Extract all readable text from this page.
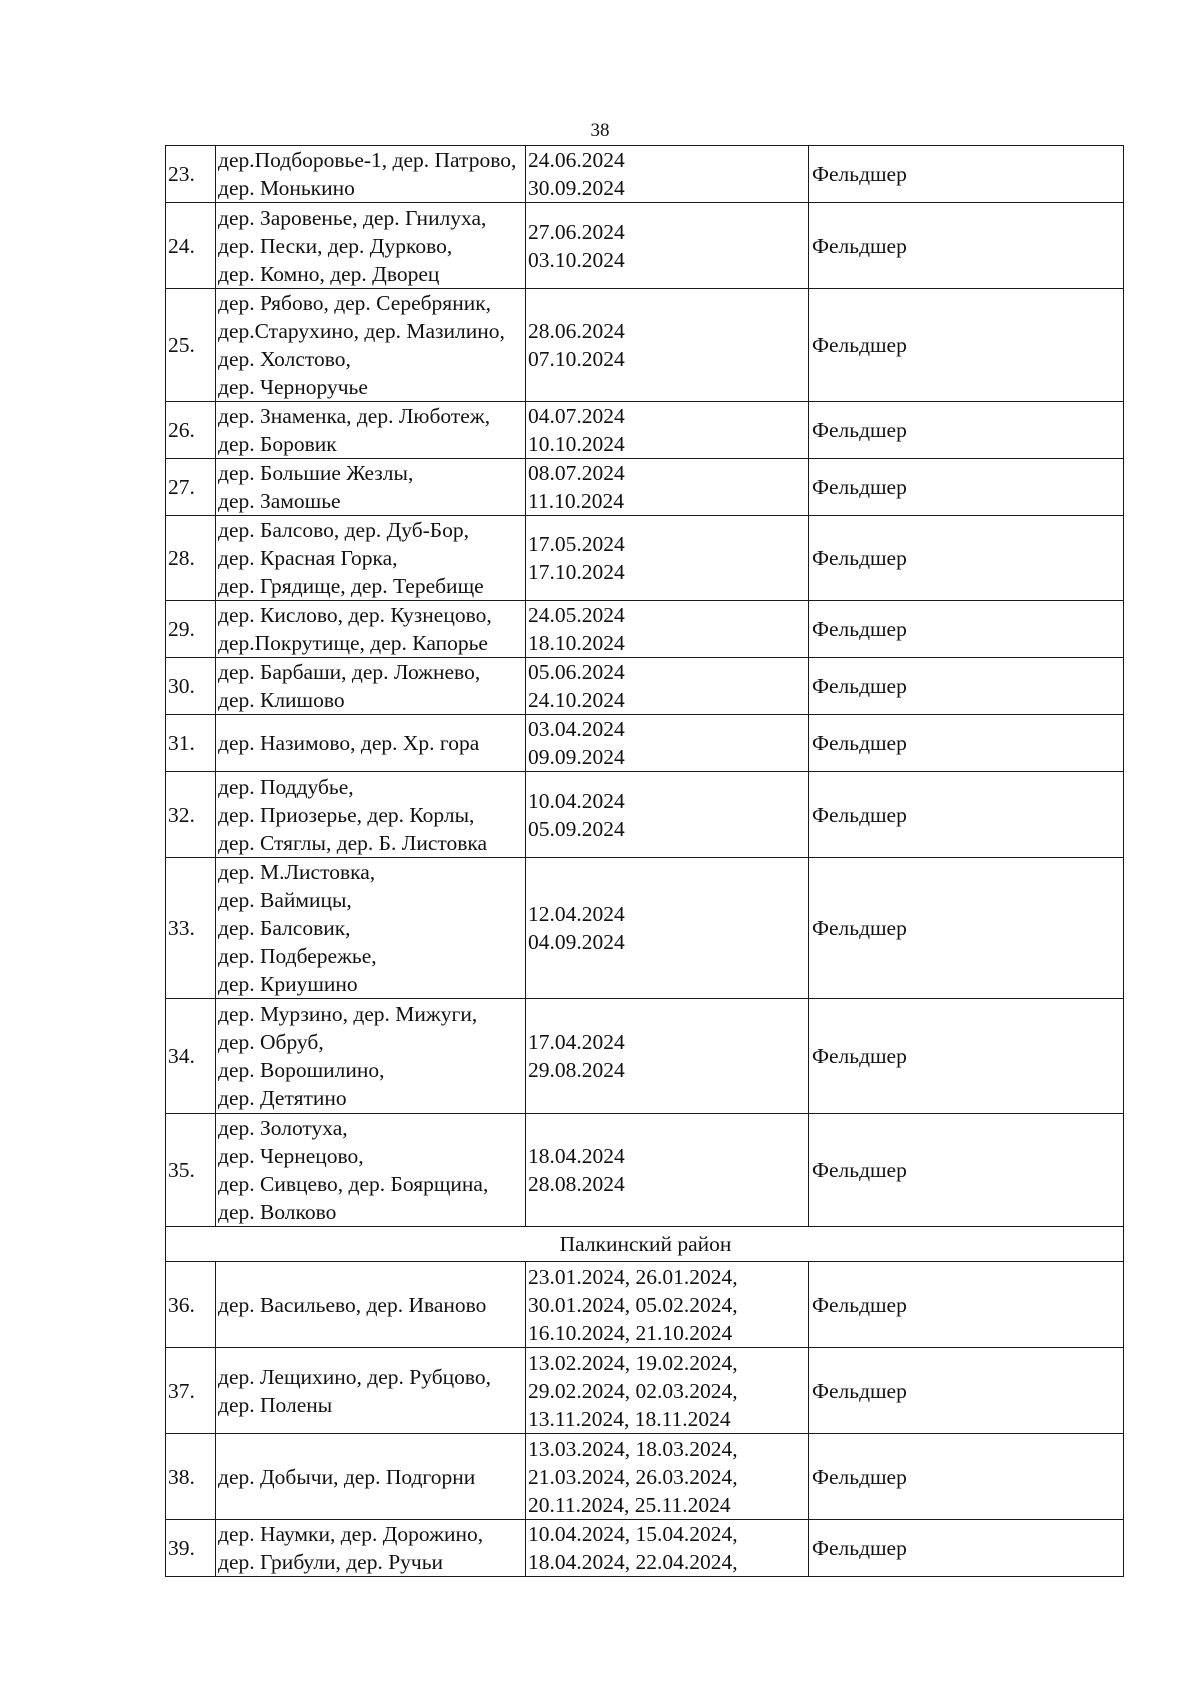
38
23.	дер.Подборовье-1, дер. Патрово,
дер. Монькино	24.06.2024
30.09.2024	Фельдшер
24.	дер. Заровенье, дер. Гнилуха,
дер. Пески, дер. Дурково,
дер. Комно, дер. Дворец	27.06.2024
03.10.2024	Фельдшер
25.	дер. Рябово, дер. Серебряник,
дер.Старухино, дер. Мазилино,
дер. Холстово,
дер. Черноручье	28.06.2024
07.10.2024	Фельдшер
26.	дер. Знаменка, дер. Люботеж,
дер. Боровик	04.07.2024
10.10.2024	Фельдшер
27.	дер. Большие Жезлы,
дер. Замошье	08.07.2024
11.10.2024	Фельдшер
28.	дер. Балсово, дер. Дуб-Бор,
дер. Красная Горка,
дер. Грядище, дер. Теребище	17.05.2024
17.10.2024	Фельдшер
29.	дер. Кислово, дер. Кузнецово,
дер.Покрутище, дер. Капорье	24.05.2024
18.10.2024	Фельдшер
30.	дер. Барбаши, дер. Ложнево,
дер. Клишово	05.06.2024
24.10.2024	Фельдшер
31.	дер. Назимово, дер. Хр. гора	03.04.2024
09.09.2024	Фельдшер
32.	дер. Поддубье,
дер. Приозерье, дер. Корлы,
дер. Стяглы, дер. Б. Листовка	10.04.2024
05.09.2024	Фельдшер
33.	дер. М.Листовка,
дер. Ваймицы,
дер. Балсовик,
дер. Подбережье,
дер. Криушино	12.04.2024
04.09.2024	Фельдшер
34.	дер. Мурзино, дер. Мижуги,
дер. Обруб,
дер. Ворошилино,
дер. Детятино	17.04.2024
29.08.2024	Фельдшер
35.	дер. Золотуха,
дер. Чернецово,
дер. Сивцево, дер. Боярщина,
дер. Волково	18.04.2024
28.08.2024	Фельдшер
Палкинский район			
36.	дер. Васильево, дер. Иваново	23.01.2024, 26.01.2024,
30.01.2024, 05.02.2024,
16.10.2024, 21.10.2024	Фельдшер
37.	дер. Лещихино, дер. Рубцово,
дер. Полены	13.02.2024, 19.02.2024,
29.02.2024, 02.03.2024,
13.11.2024, 18.11.2024	Фельдшер
38.	дер. Добычи, дер. Подгорни	13.03.2024, 18.03.2024,
21.03.2024, 26.03.2024,
20.11.2024, 25.11.2024	Фельдшер
39.	дер. Наумки, дер. Дорожино,
дер. Грибули, дер. Ручьи	10.04.2024, 15.04.2024,
18.04.2024, 22.04.2024,	Фельдшер
